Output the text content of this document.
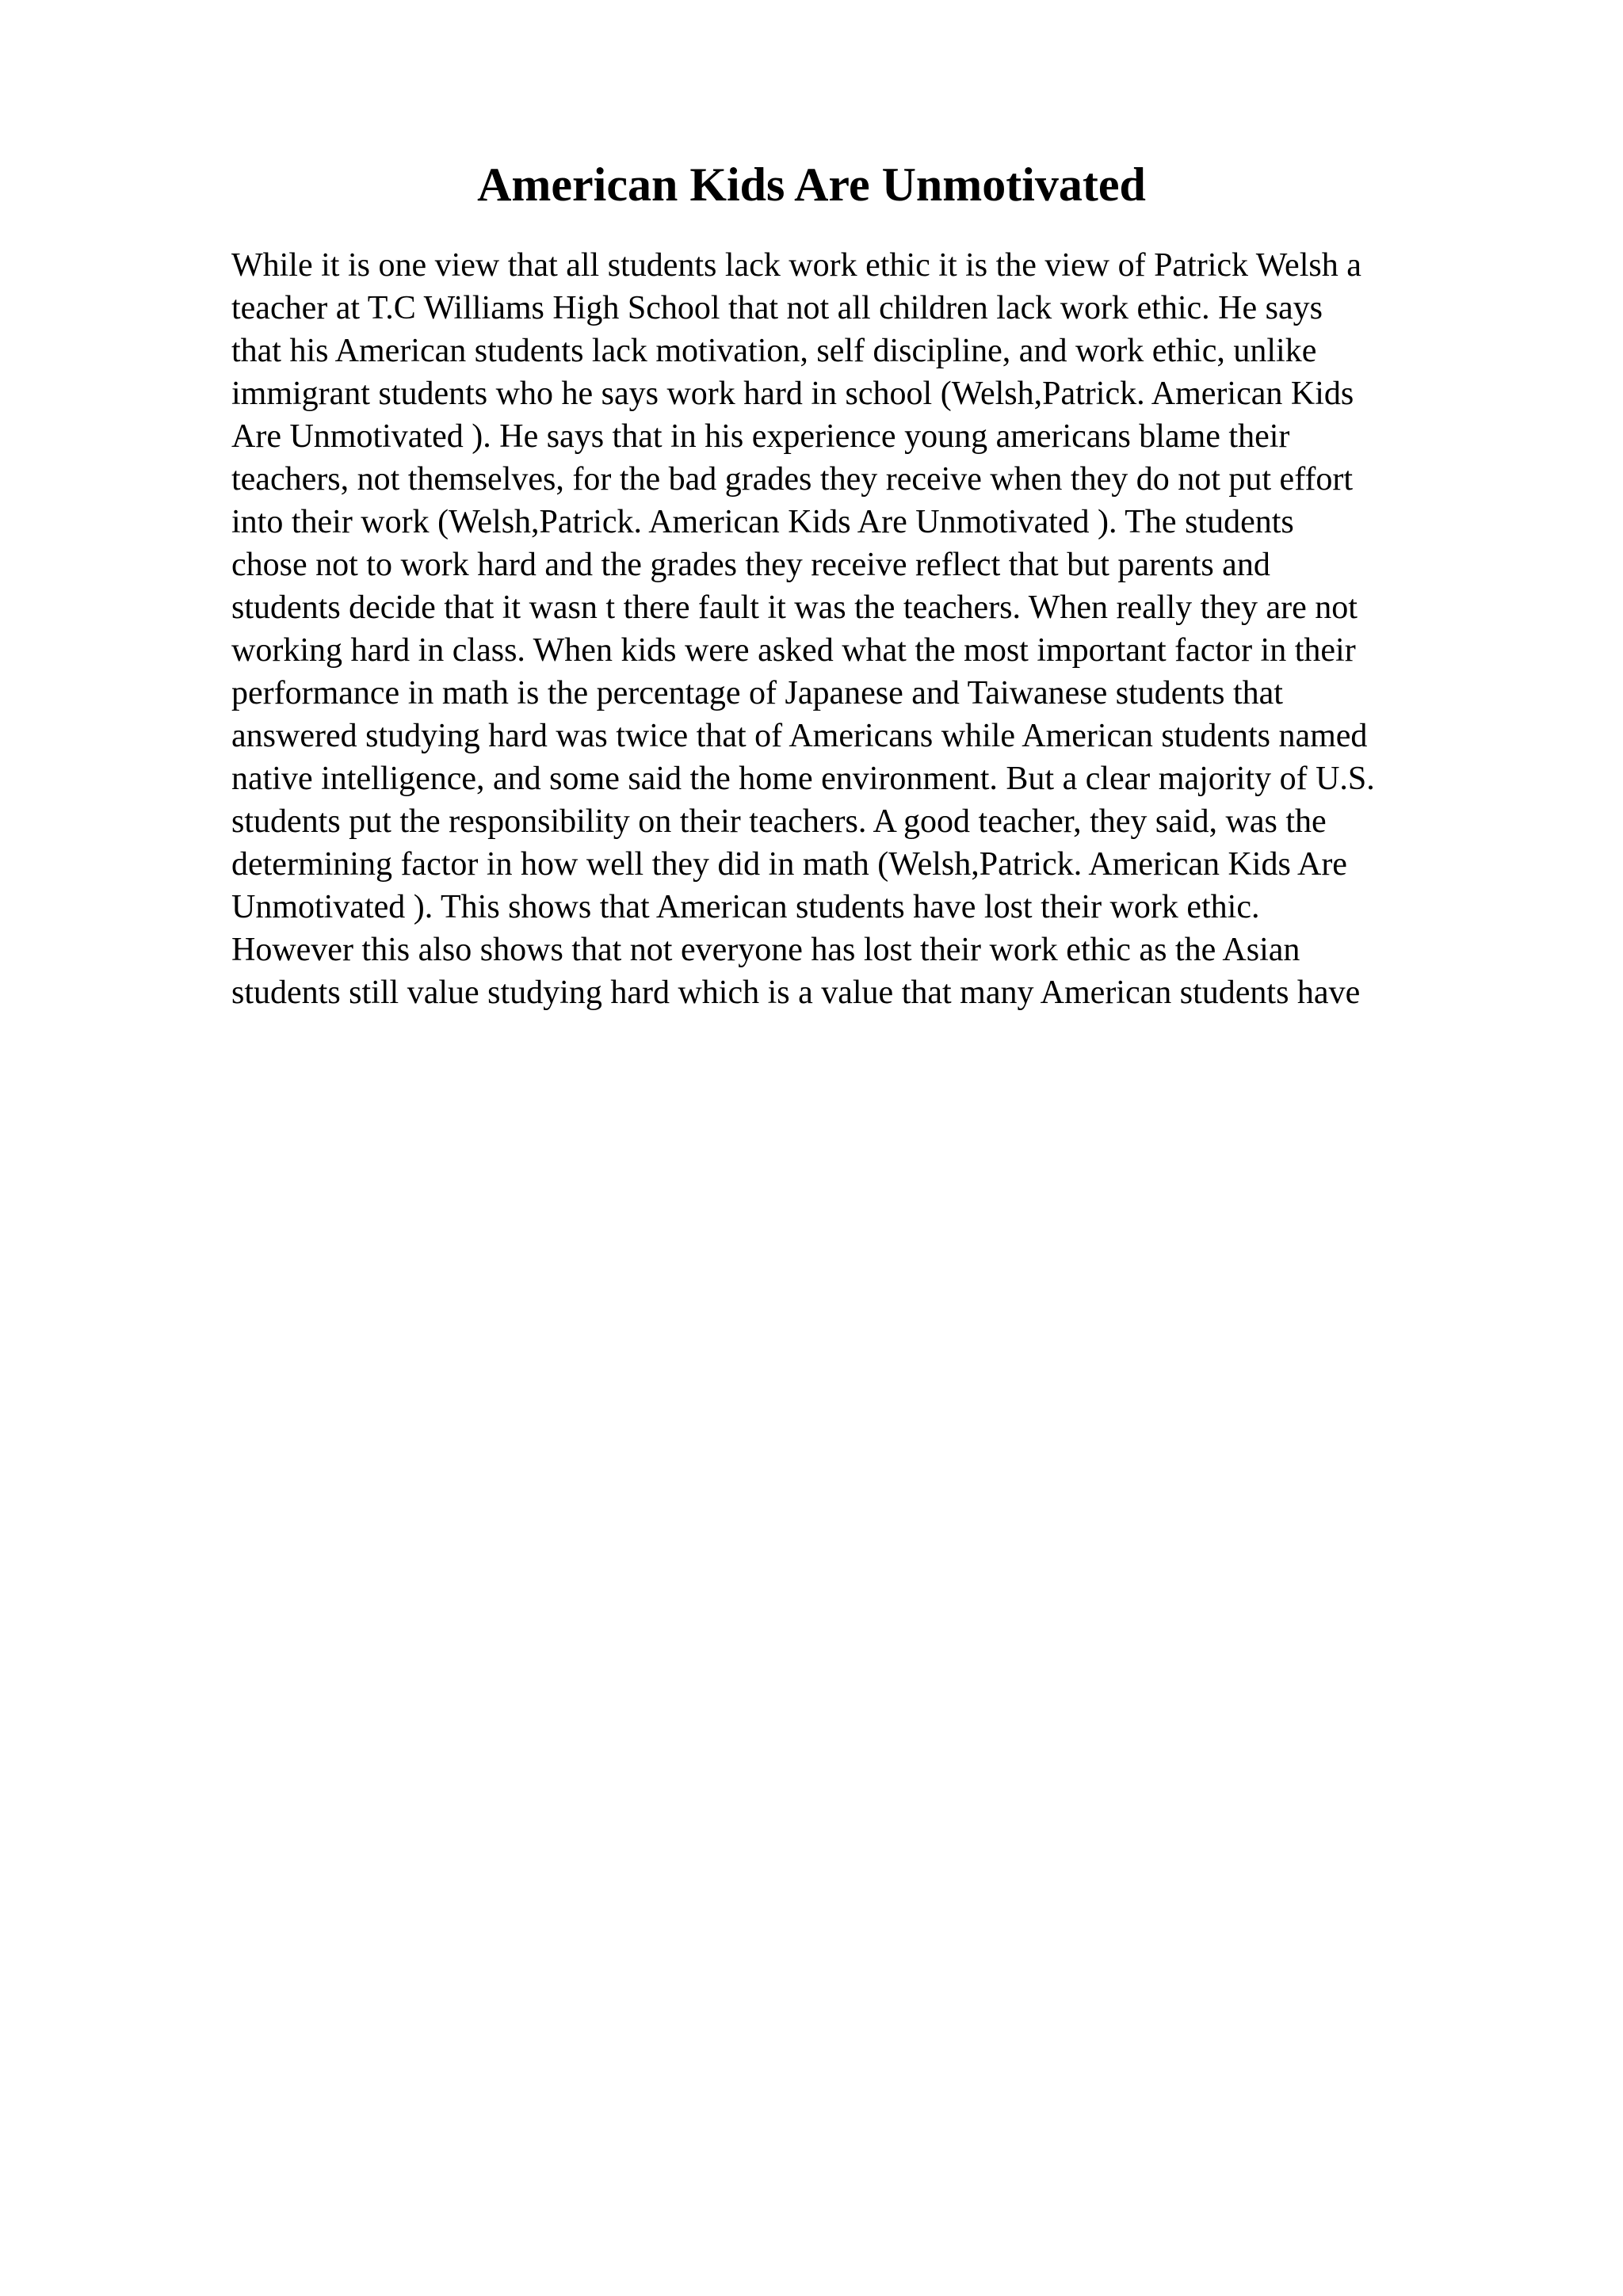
American Kids Are Unmotivated
While it is one view that all students lack work ethic it is the view of Patrick Welsh a
teacher at T.C Williams High School that not all children lack work ethic. He says
that his American students lack motivation, self discipline, and work ethic, unlike
immigrant students who he says work hard in school (Welsh,Patrick. American Kids
Are Unmotivated ). He says that in his experience young americans blame their
teachers, not themselves, for the bad grades they receive when they do not put effort
into their work (Welsh,Patrick. American Kids Are Unmotivated ). The students
chose not to work hard and the grades they receive reflect that but parents and
students decide that it wasn t there fault it was the teachers. When really they are not
working hard in class. When kids were asked what the most important factor in their
performance in math is the percentage of Japanese and Taiwanese students that
answered studying hard was twice that of Americans while American students named
native intelligence, and some said the home environment. But a clear majority of U.S.
students put the responsibility on their teachers. A good teacher, they said, was the
determining factor in how well they did in math (Welsh,Patrick. American Kids Are
Unmotivated ). This shows that American students have lost their work ethic.
However this also shows that not everyone has lost their work ethic as the Asian
students still value studying hard which is a value that many American students have
